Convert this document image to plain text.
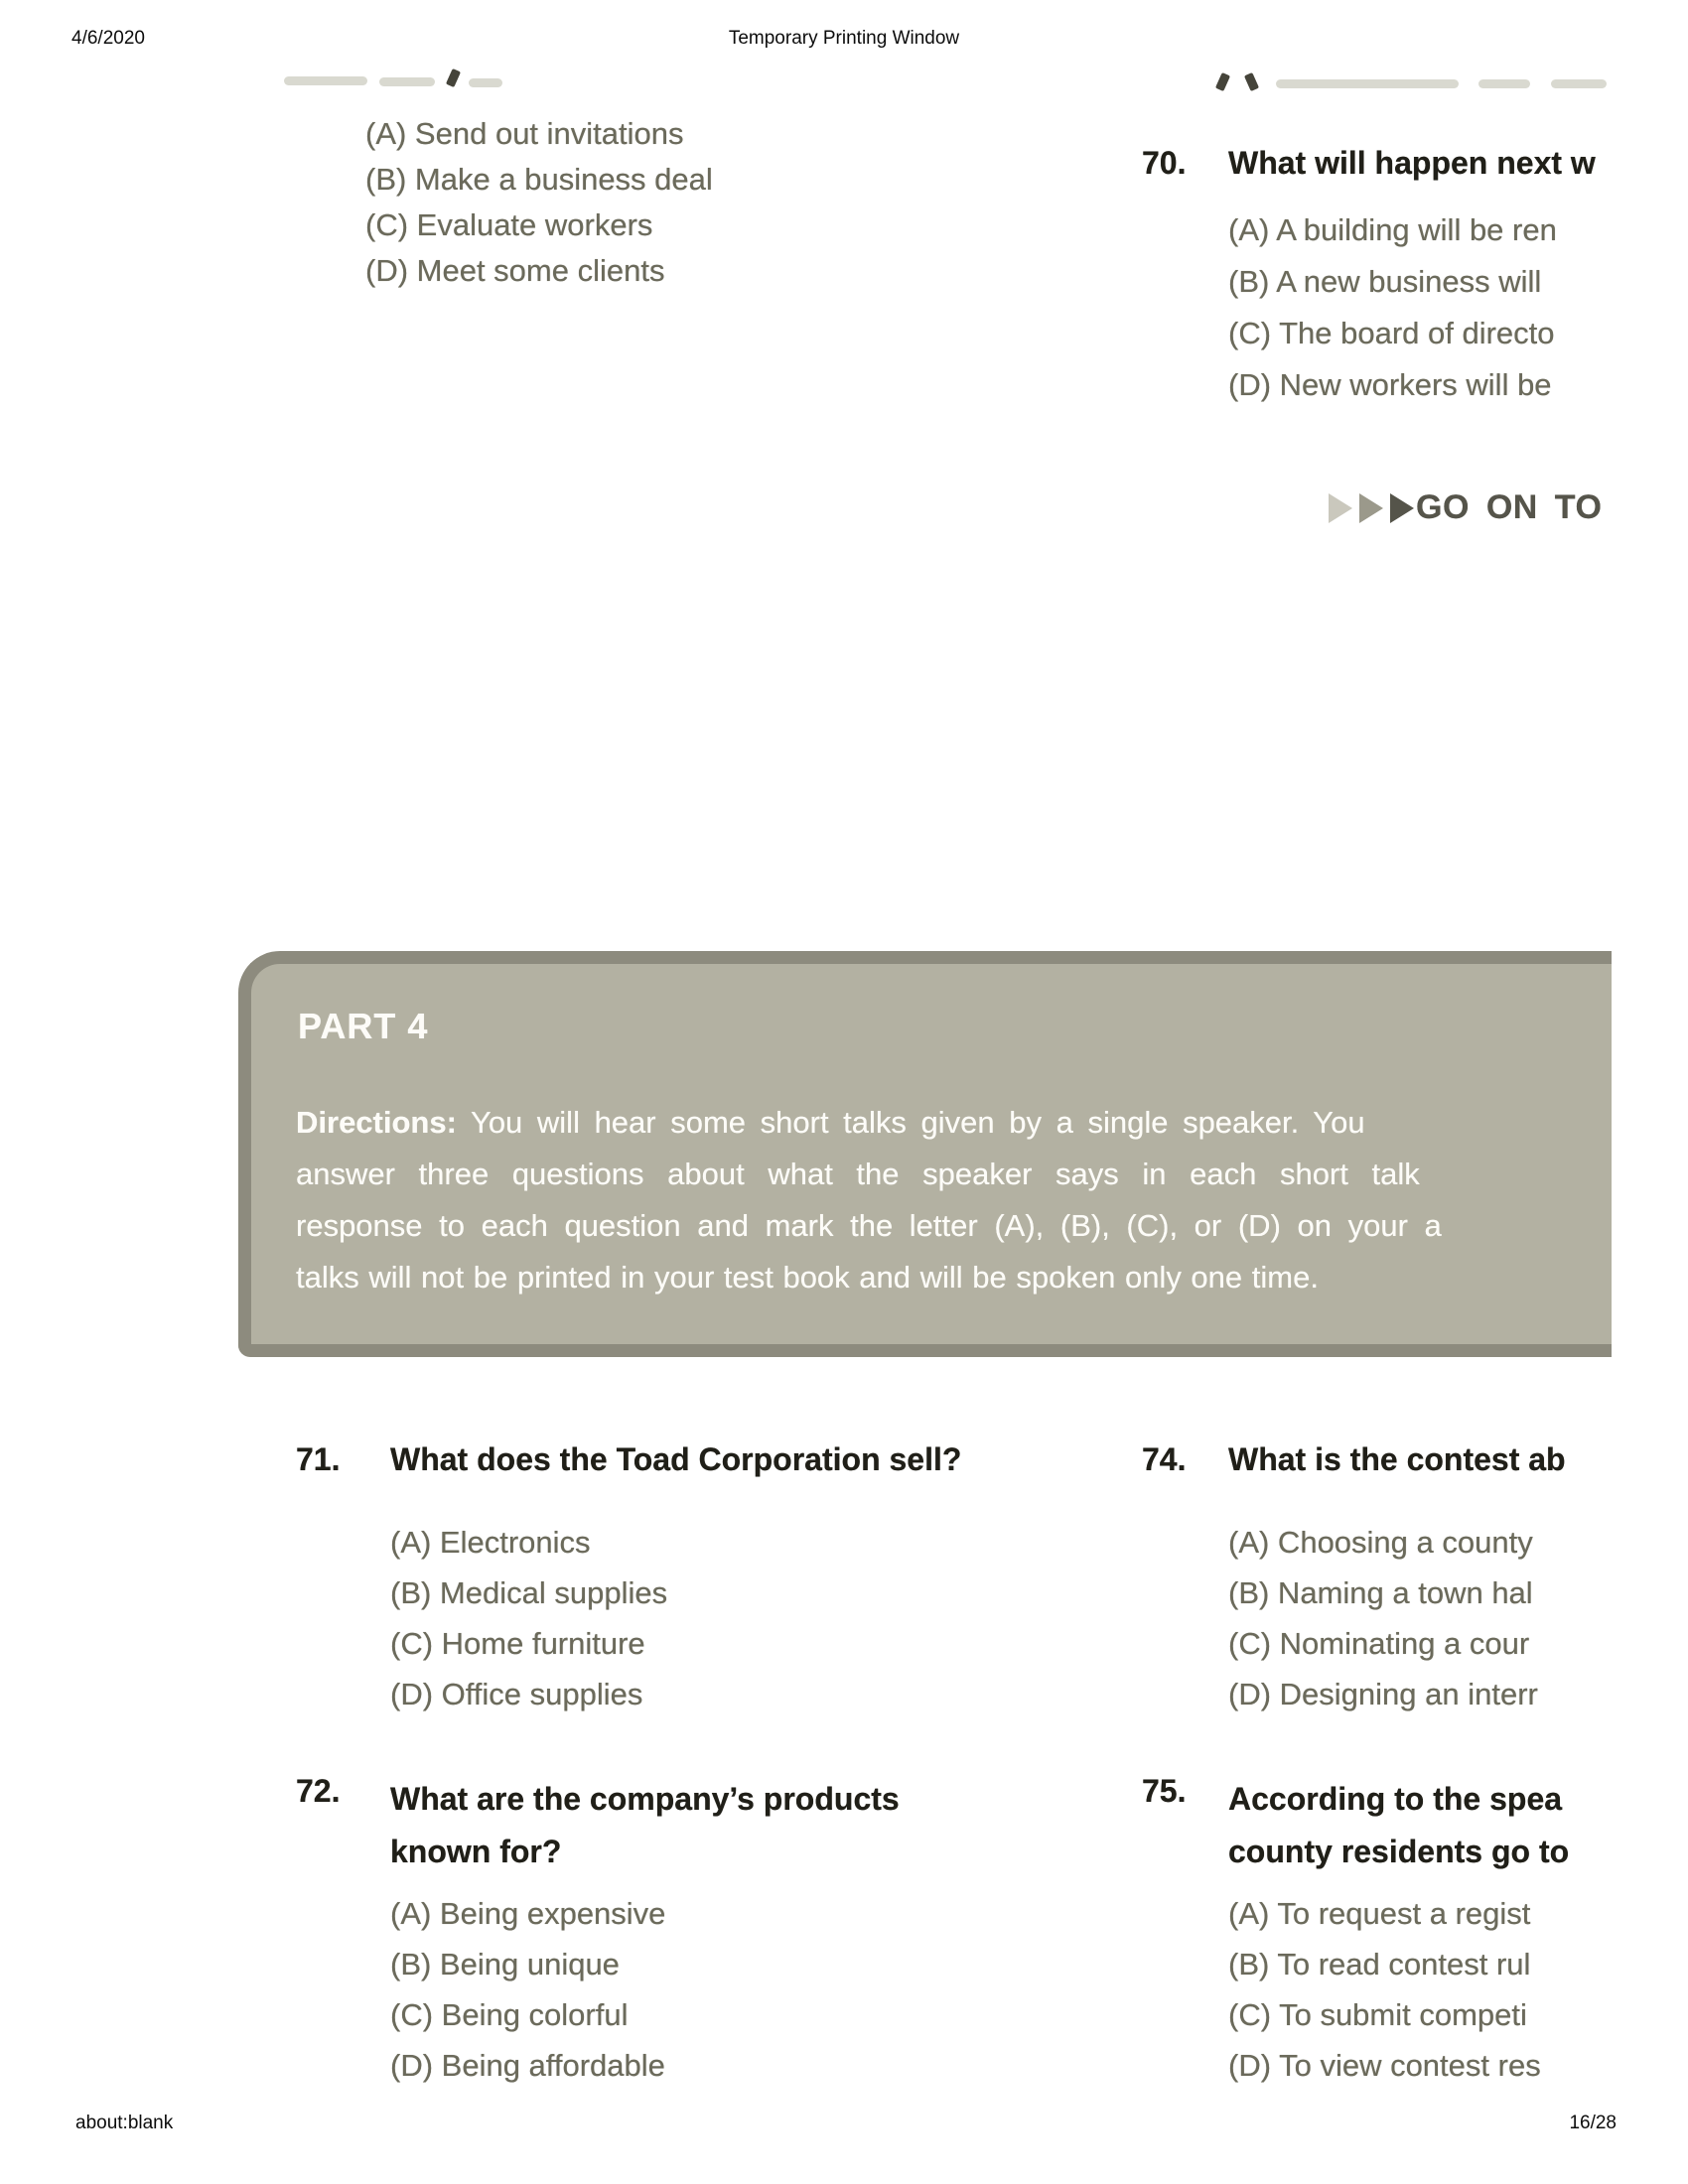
4/6/2020	Temporary Printing Window
(A) Send out invitations
(B) Make a business deal
(C) Evaluate workers
(D) Meet some clients
70. What will happen next w
(A) A building will be ren
(B) A new business will
(C) The board of directo
(D) New workers will be
GO ON TO
PART 4
Directions: You will hear some short talks given by a single speaker. You
answer three questions about what the speaker says in each short talk
response to each question and mark the letter (A), (B), (C), or (D) on your a
talks will not be printed in your test book and will be spoken only one time.
71. What does the Toad Corporation sell?
(A) Electronics
(B) Medical supplies
(C) Home furniture
(D) Office supplies
74. What is the contest ab
(A) Choosing a county
(B) Naming a town hal
(C) Nominating a cour
(D) Designing an interr
72. What are the company’s products
known for?
(A) Being expensive
(B) Being unique
(C) Being colorful
(D) Being affordable
75. According to the spea
county residents go to
(A) To request a regist
(B) To read contest rul
(C) To submit competi
(D) To view contest res
about:blank	16/28
